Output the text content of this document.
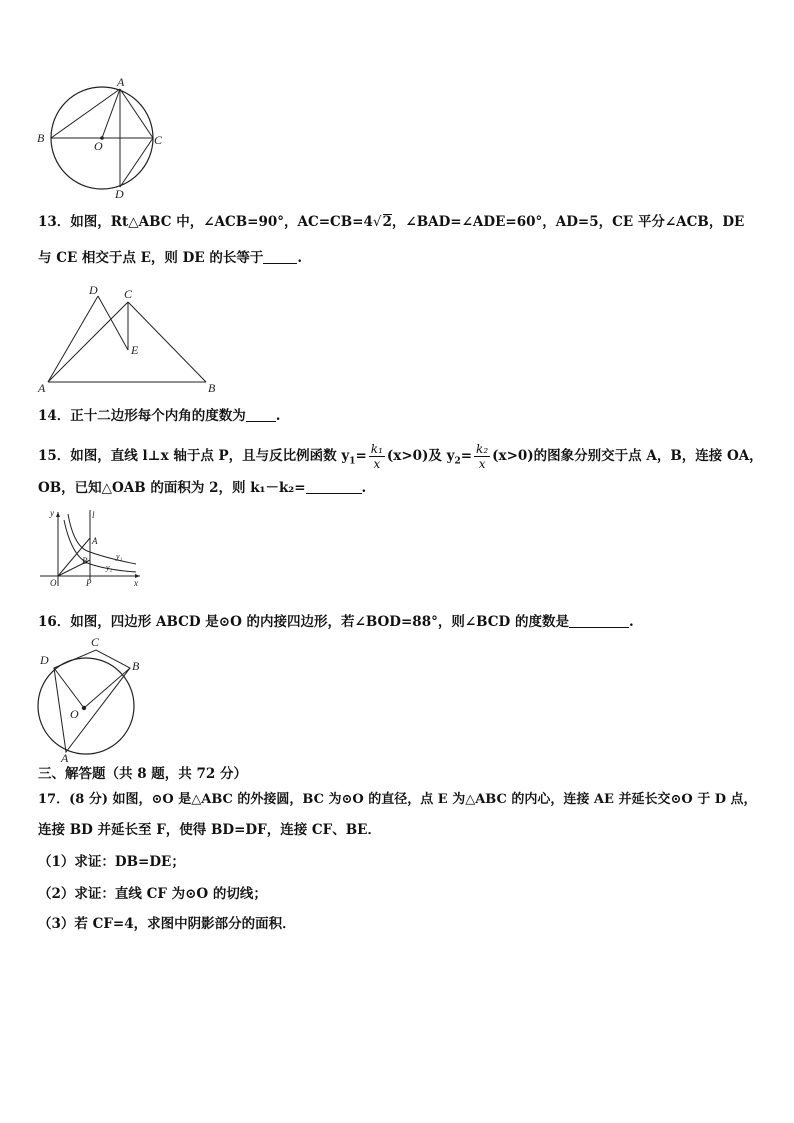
A
B	C
O
D
13．如图，Rt△ABC 中，∠ACB=90°，AC=CB=4√2，∠BAD=∠ADE=60°，AD=5，CE 平分∠ACB，DE
与 CE 相交于点 E，则 DE 的长等于	.
A	B
C
D
E
14．正十二边形每个内角的度数为 .
15．如图，直线 l⊥x 轴于点 P，且与反比例函数 $y_1= \frac{\text{k₁}}{x} (x>0)$及 $y_2= \frac{\text{k₂}}{x} (x>0)$的图象分别交于点 A，B，连接 OA，
OB，已知△OAB 的面积为 2，则 k₁－k₂=	.
y	l
A
B	y₁
y₂
O	P	x
16．如图，四边形 ABCD 是⊙O 的内接四边形，若∠BOD=88°，则∠BCD 的度数是	.
C
D	B
O
A
三、解答题（共 8 题，共 72 分）
17．(8 分) 如图，⊙O 是△ABC 的外接圆，BC 为⊙O 的直径，点 E 为△ABC 的内心，连接 AE 并延长交⊙O 于 D 点，
连接 BD 并延长至 F，使得 BD=DF，连接 CF、BE．
（1）求证：DB=DE；
（2）求证：直线 CF 为⊙O 的切线；
（3）若 CF=4，求图中阴影部分的面积．
